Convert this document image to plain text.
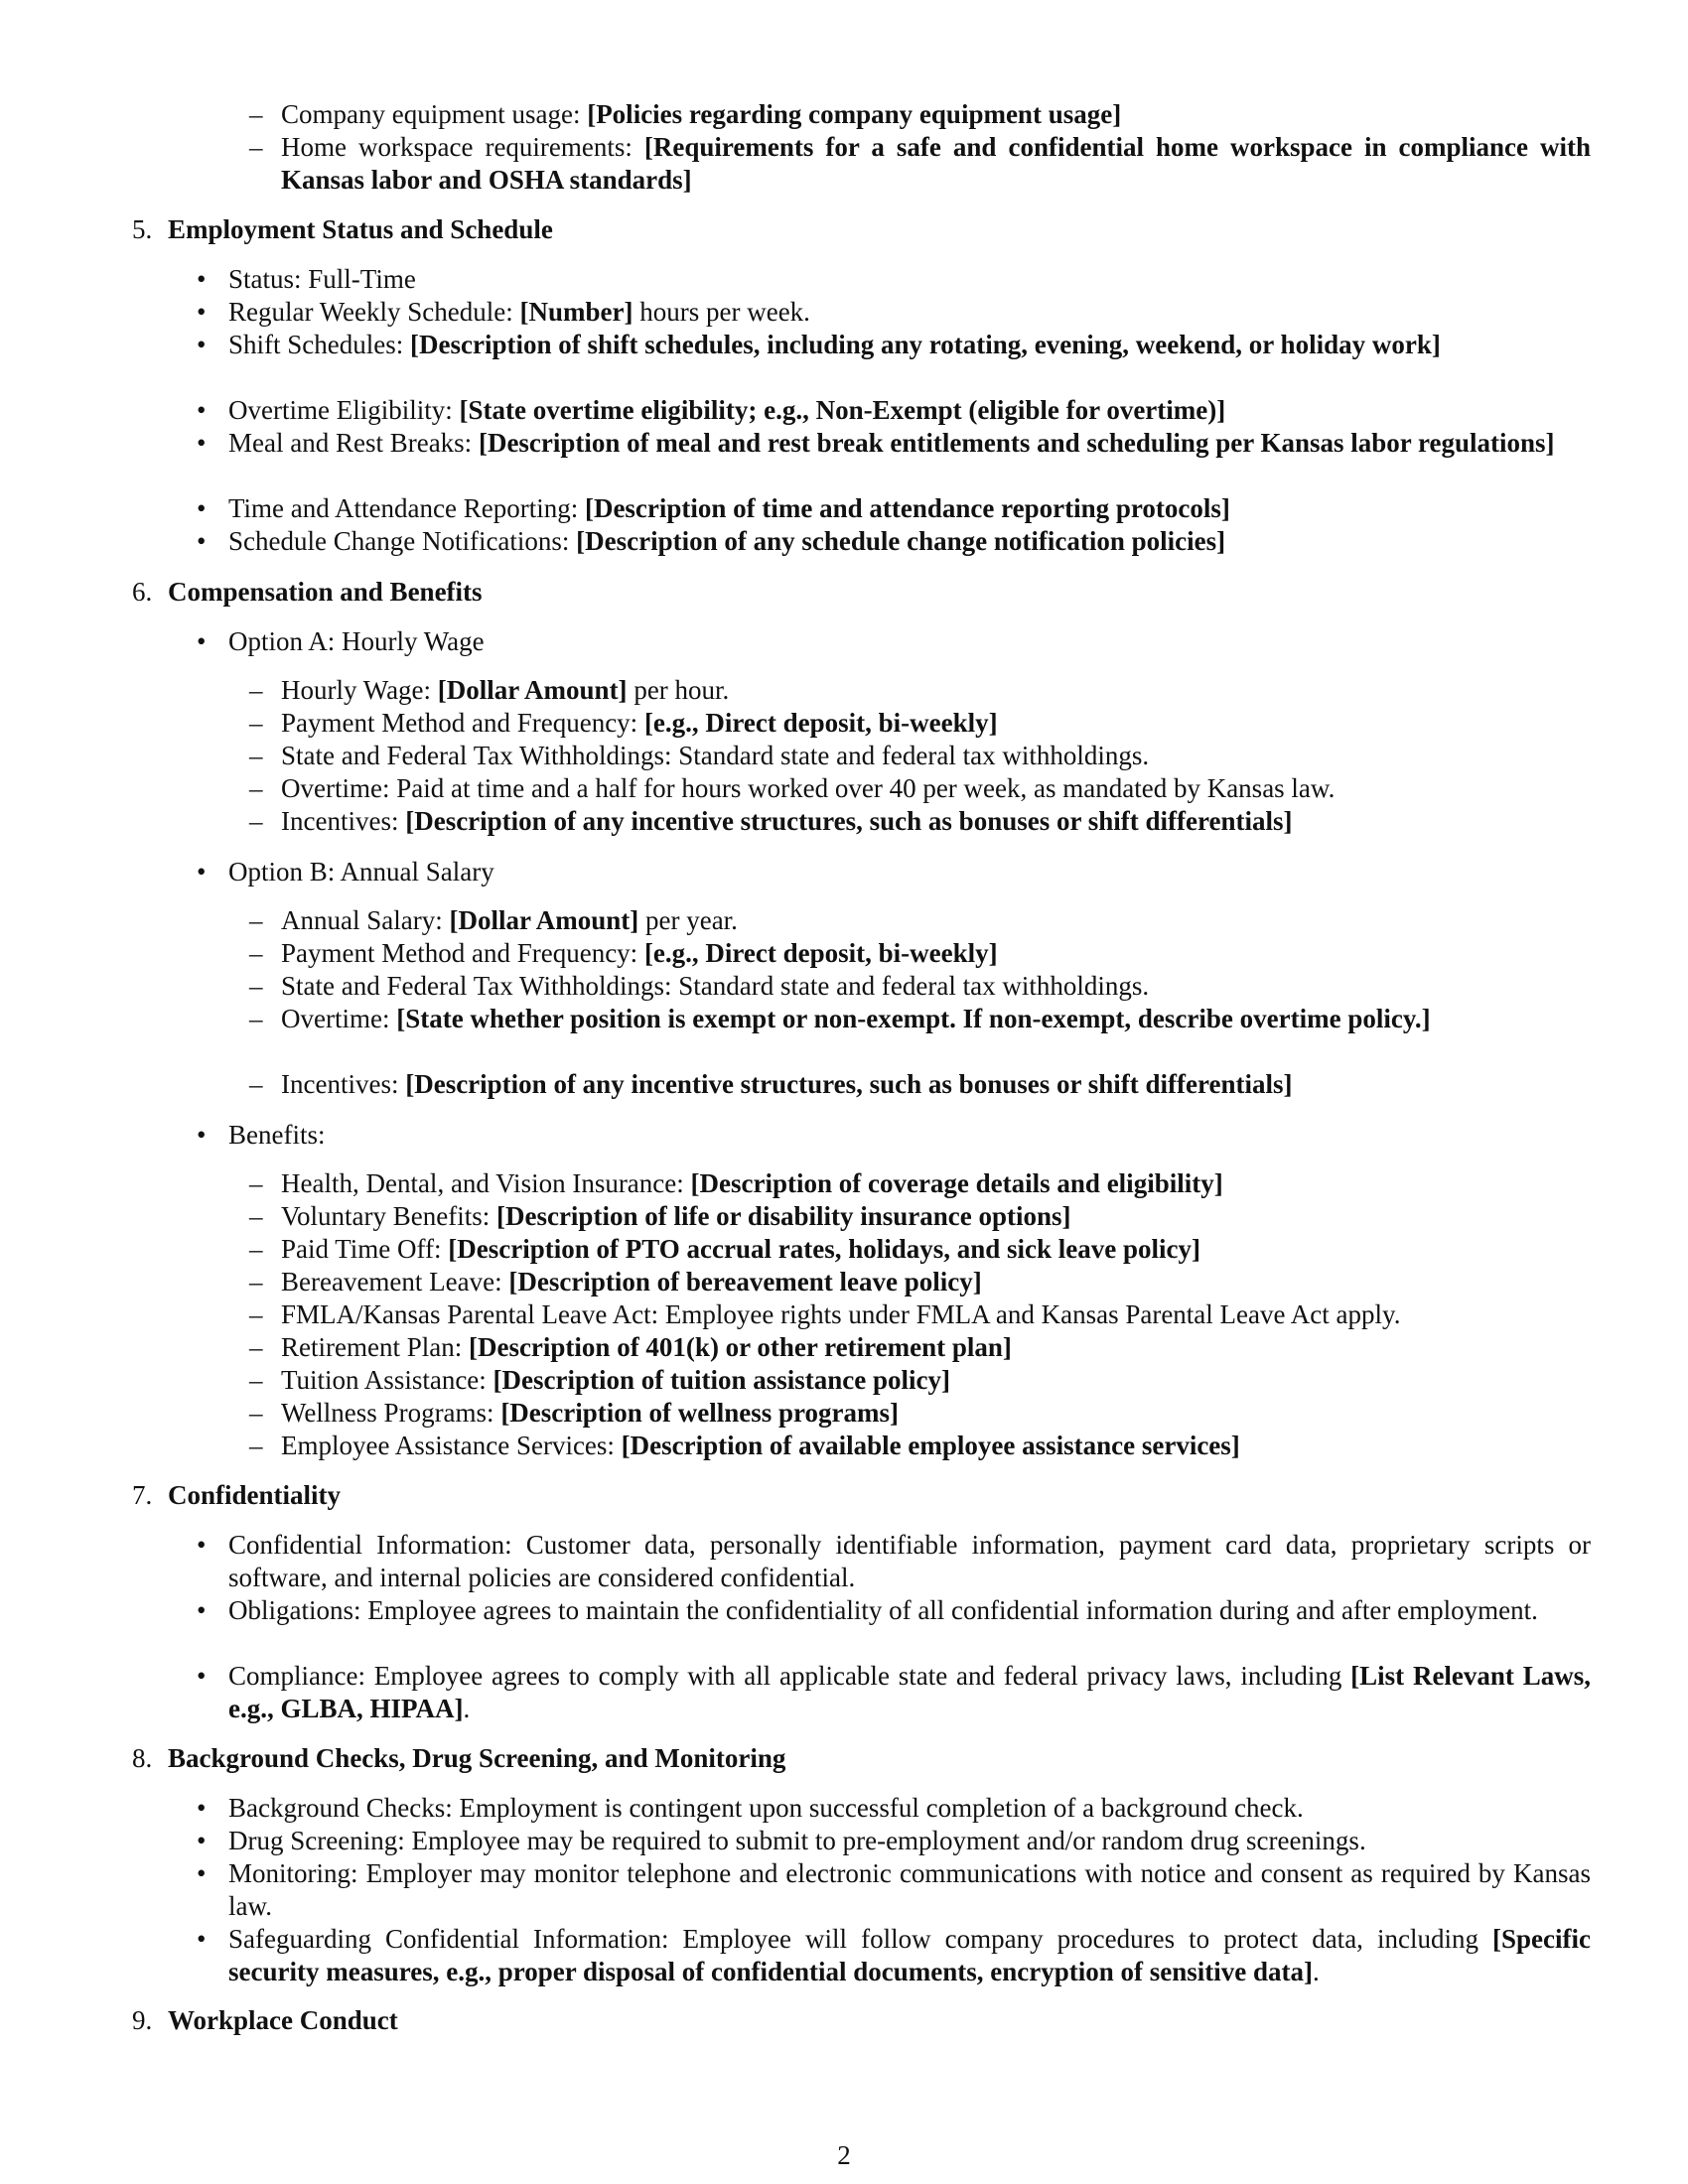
– Company equipment usage: [Policies regarding company equipment usage]
– Home workspace requirements: [Requirements for a safe and confidential home workspace in compliance with Kansas labor and OSHA standards]
5. Employment Status and Schedule
• Status: Full-Time
• Regular Weekly Schedule: [Number] hours per week.
• Shift Schedules: [Description of shift schedules, including any rotating, evening, weekend, or holiday work]
• Overtime Eligibility: [State overtime eligibility; e.g., Non-Exempt (eligible for overtime)]
• Meal and Rest Breaks: [Description of meal and rest break entitlements and scheduling per Kansas labor regulations]
• Time and Attendance Reporting: [Description of time and attendance reporting protocols]
• Schedule Change Notifications: [Description of any schedule change notification policies]
6. Compensation and Benefits
• Option A: Hourly Wage
– Hourly Wage: [Dollar Amount] per hour.
– Payment Method and Frequency: [e.g., Direct deposit, bi-weekly]
– State and Federal Tax Withholdings: Standard state and federal tax withholdings.
– Overtime: Paid at time and a half for hours worked over 40 per week, as mandated by Kansas law.
– Incentives: [Description of any incentive structures, such as bonuses or shift differentials]
• Option B: Annual Salary
– Annual Salary: [Dollar Amount] per year.
– Payment Method and Frequency: [e.g., Direct deposit, bi-weekly]
– State and Federal Tax Withholdings: Standard state and federal tax withholdings.
– Overtime: [State whether position is exempt or non-exempt. If non-exempt, describe overtime policy.]
– Incentives: [Description of any incentive structures, such as bonuses or shift differentials]
• Benefits:
– Health, Dental, and Vision Insurance: [Description of coverage details and eligibility]
– Voluntary Benefits: [Description of life or disability insurance options]
– Paid Time Off: [Description of PTO accrual rates, holidays, and sick leave policy]
– Bereavement Leave: [Description of bereavement leave policy]
– FMLA/Kansas Parental Leave Act: Employee rights under FMLA and Kansas Parental Leave Act apply.
– Retirement Plan: [Description of 401(k) or other retirement plan]
– Tuition Assistance: [Description of tuition assistance policy]
– Wellness Programs: [Description of wellness programs]
– Employee Assistance Services: [Description of available employee assistance services]
7. Confidentiality
• Confidential Information: Customer data, personally identifiable information, payment card data, proprietary scripts or software, and internal policies are considered confidential.
• Obligations: Employee agrees to maintain the confidentiality of all confidential information during and after employment.
• Compliance: Employee agrees to comply with all applicable state and federal privacy laws, including [List Relevant Laws, e.g., GLBA, HIPAA].
8. Background Checks, Drug Screening, and Monitoring
• Background Checks: Employment is contingent upon successful completion of a background check.
• Drug Screening: Employee may be required to submit to pre-employment and/or random drug screenings.
• Monitoring: Employer may monitor telephone and electronic communications with notice and consent as required by Kansas law.
• Safeguarding Confidential Information: Employee will follow company procedures to protect data, including [Specific security measures, e.g., proper disposal of confidential documents, encryption of sensitive data].
9. Workplace Conduct
2
